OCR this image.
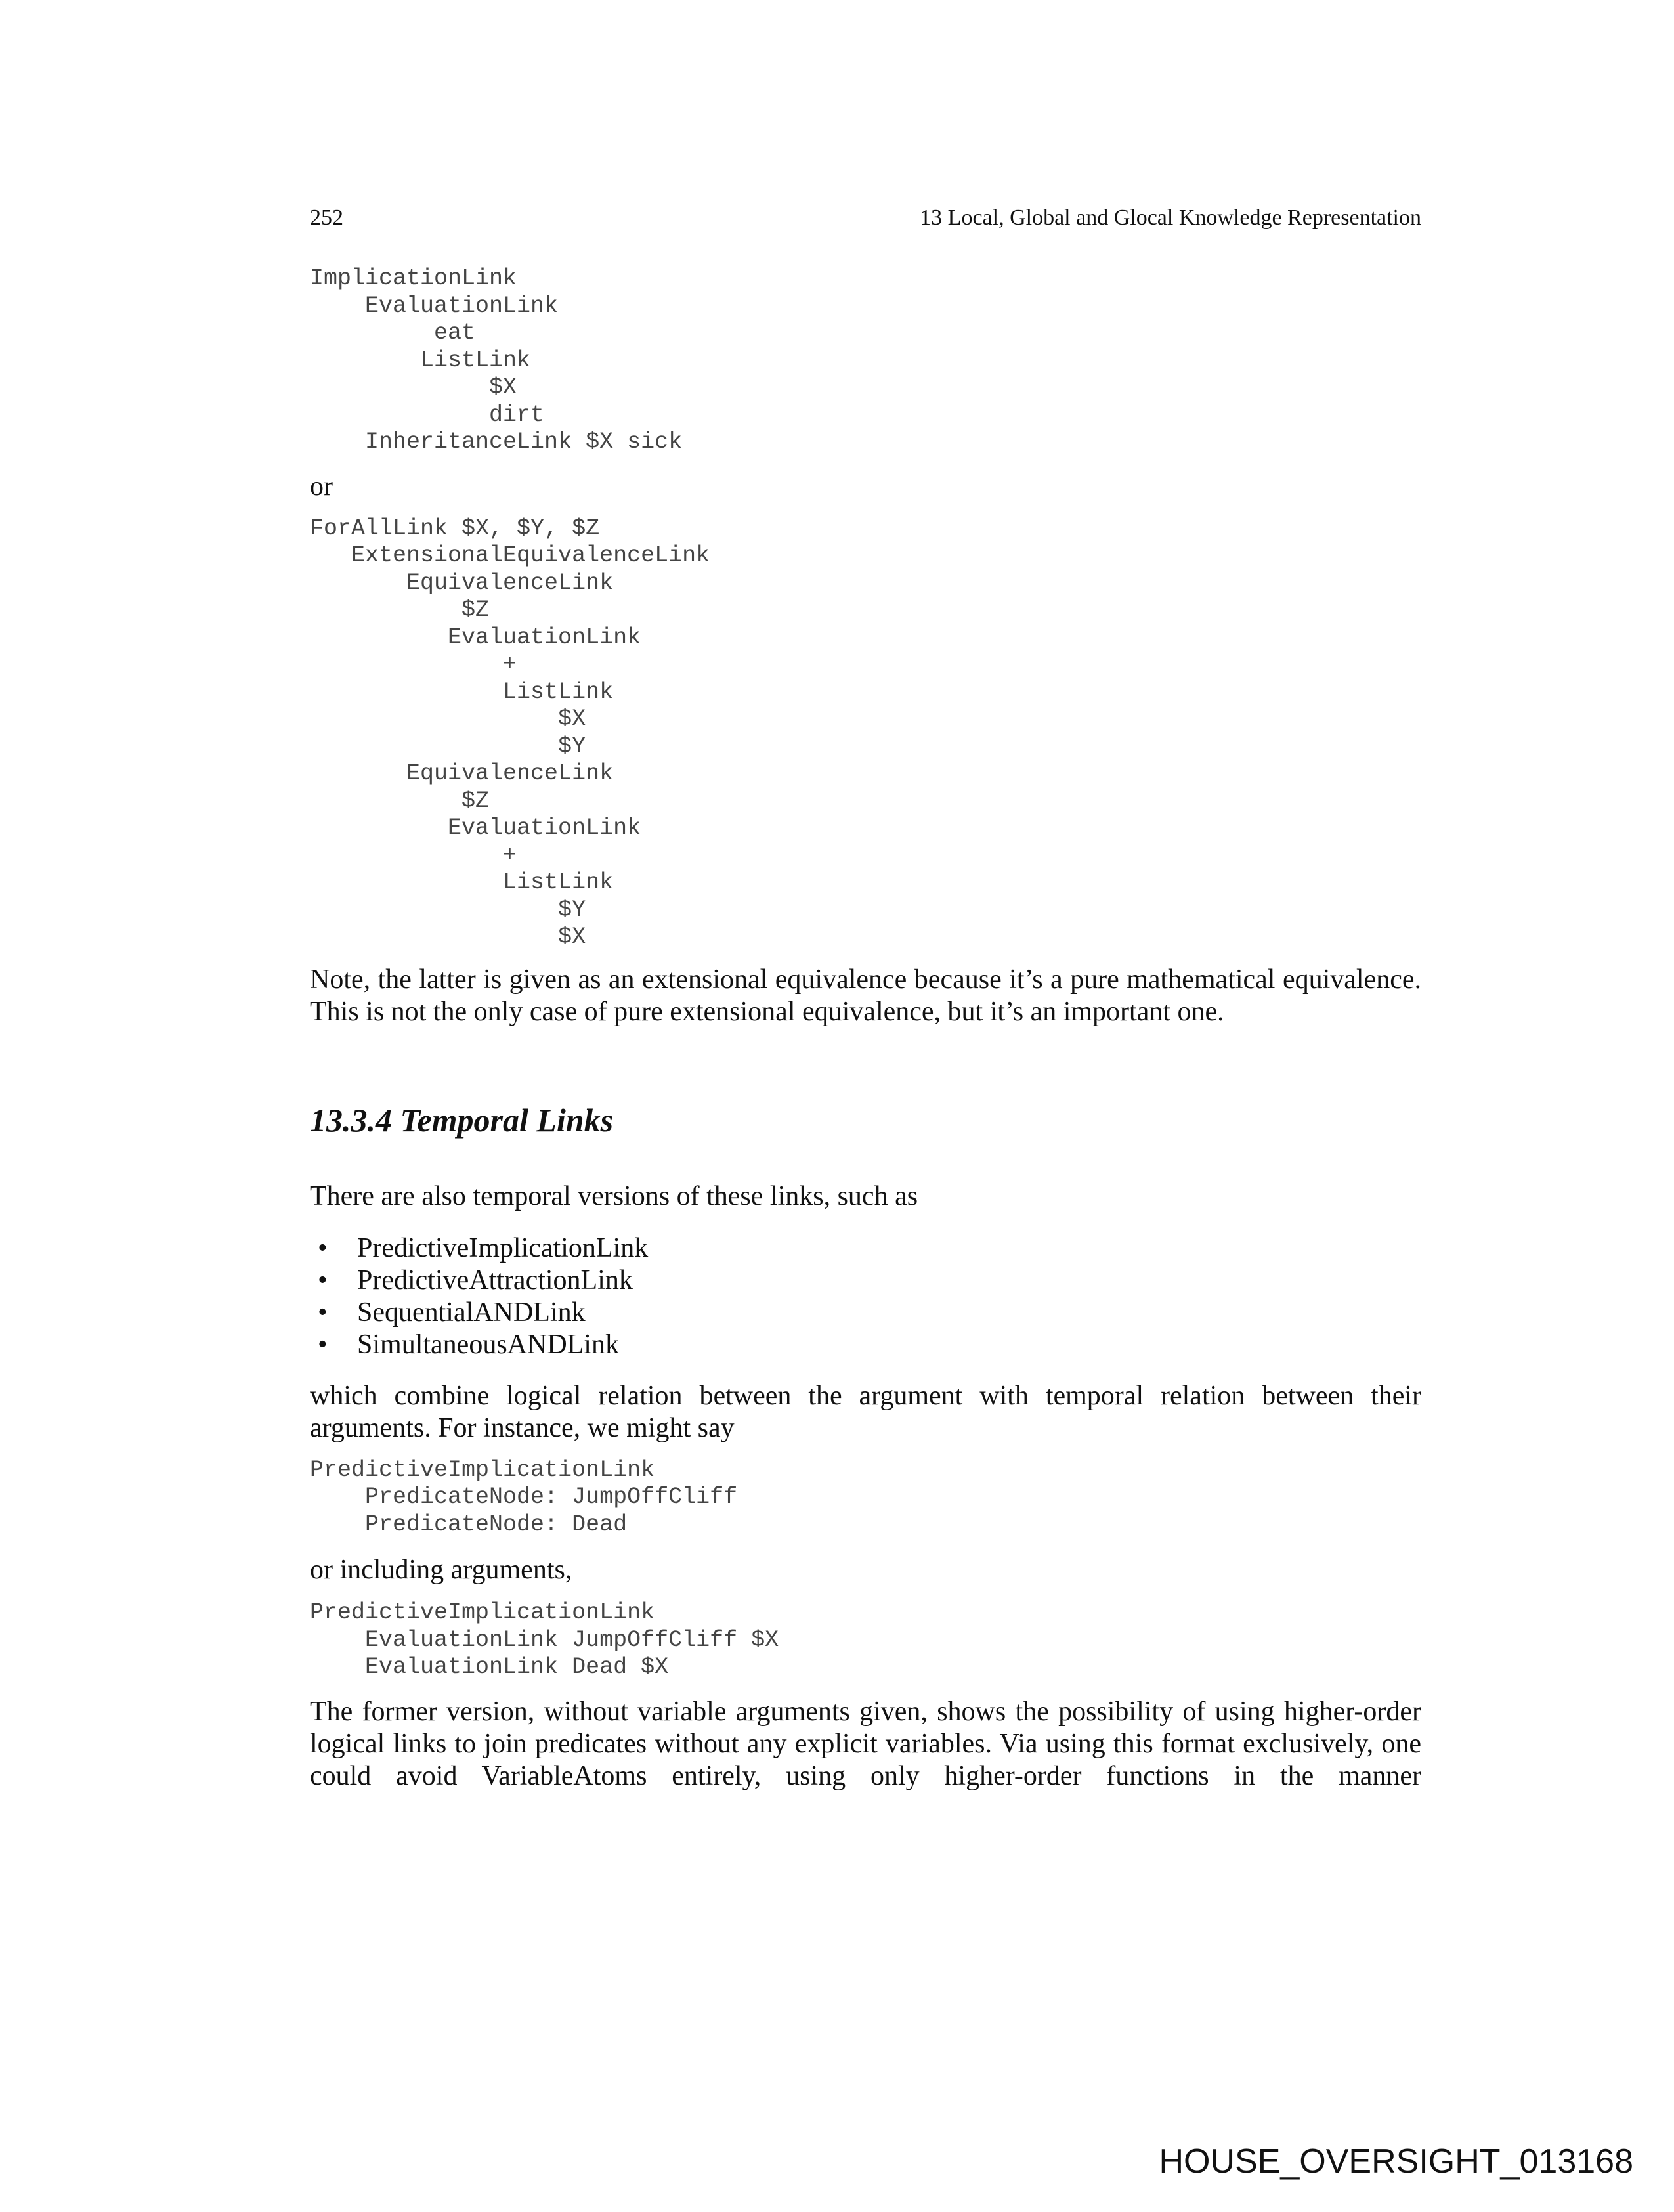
252	13 Local, Global and Glocal Knowledge Representation
ImplicationLink
EvaluationLink
eat
ListLink
$X
dirt
InheritanceLink $X sick
or
ForAllLink $X, $Y, $Z
ExtensionalEquivalenceLink
EquivalenceLink
$Z
EvaluationLink
+
ListLink
$X
$Y
EquivalenceLink
$Z
EvaluationLink
+
ListLink
$Y
$X
Note, the latter is given as an extensional equivalence because it’s a pure mathematical equivalence. This is not the only case of pure extensional equivalence, but it’s an important one.
13.3.4 Temporal Links
There are also temporal versions of these links, such as
• PredictiveImplicationLink
• PredictiveAttractionLink
• SequentialANDLink
• SimultaneousANDLink
which combine logical relation between the argument with temporal relation between their arguments. For instance, we might say
PredictiveImplicationLink
PredicateNode: JumpOffCliff
PredicateNode: Dead
or including arguments,
PredictiveImplicationLink
EvaluationLink JumpOffCliff $X
EvaluationLink Dead $X
The former version, without variable arguments given, shows the possibility of using higher-order logical links to join predicates without any explicit variables. Via using this format exclusively, one could avoid VariableAtoms entirely, using only higher-order functions in the manner
HOUSE_OVERSIGHT_013168
